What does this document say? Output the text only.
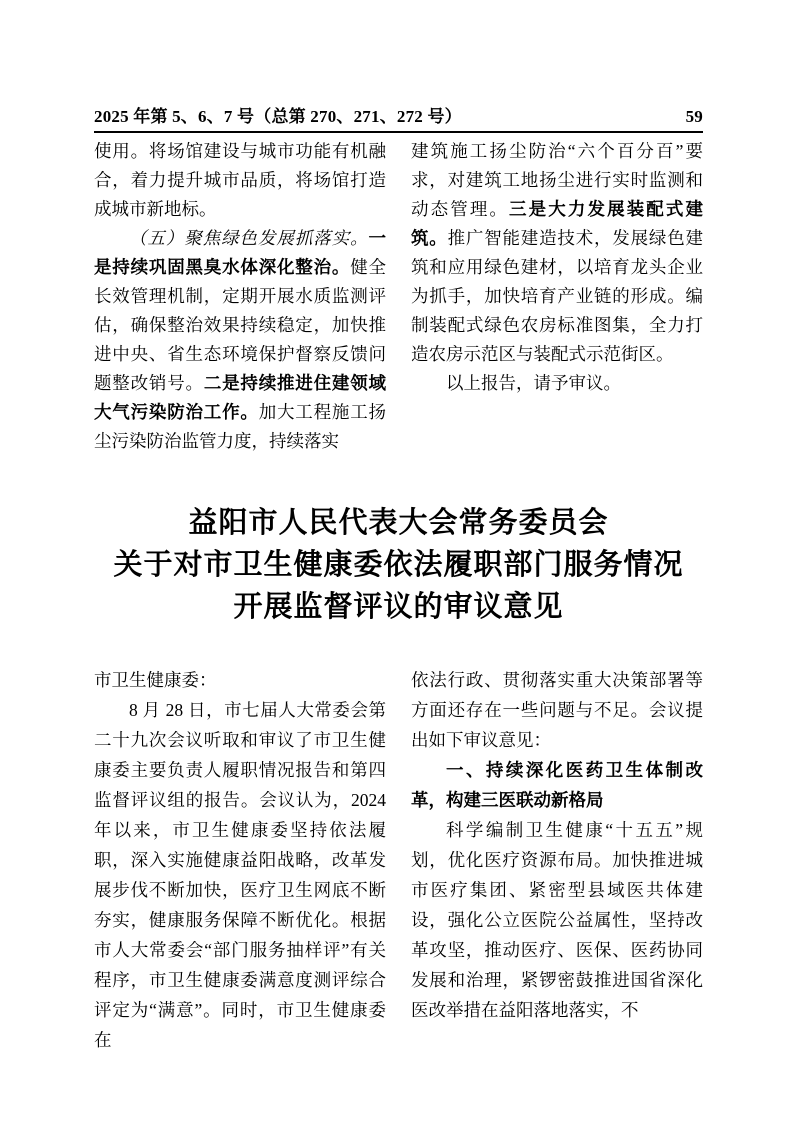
2025 年第 5、6、7 号（总第 270、271、272 号）	59

使用。将场馆建设与城市功能有机融合，着力提升城市品质，将场馆打造成城市新地标。

（五）聚焦绿色发展抓落实。一是持续巩固黑臭水体深化整治。健全长效管理机制，定期开展水质监测评估，确保整治效果持续稳定，加快推进中央、省生态环境保护督察反馈问题整改销号。二是持续推进住建领域大气污染防治工作。加大工程施工扬尘污染防治监管力度，持续落实

建筑施工扬尘防治“六个百分百”要求，对建筑工地扬尘进行实时监测和动态管理。三是大力发展装配式建筑。推广智能建造技术，发展绿色建筑和应用绿色建材，以培育龙头企业为抓手，加快培育产业链的形成。编制装配式绿色农房标准图集，全力打造农房示范区与装配式示范街区。

以上报告，请予审议。

益阳市人民代表大会常务委员会
关于对市卫生健康委依法履职部门服务情况
开展监督评议的审议意见

市卫生健康委：

8 月 28 日，市七届人大常委会第二十九次会议听取和审议了市卫生健康委主要负责人履职情况报告和第四监督评议组的报告。会议认为，2024 年以来，市卫生健康委坚持依法履职，深入实施健康益阳战略，改革发展步伐不断加快，医疗卫生网底不断夯实，健康服务保障不断优化。根据市人大常委会“部门服务抽样评”有关程序，市卫生健康委满意度测评综合评定为“满意”。同时，市卫生健康委在

依法行政、贯彻落实重大决策部署等方面还存在一些问题与不足。会议提出如下审议意见：

一、持续深化医药卫生体制改革，构建三医联动新格局

科学编制卫生健康“十五五”规划，优化医疗资源布局。加快推进城市医疗集团、紧密型县域医共体建设，强化公立医院公益属性，坚持改革攻坚，推动医疗、医保、医药协同发展和治理，紧锣密鼓推进国省深化医改举措在益阳落地落实，不
